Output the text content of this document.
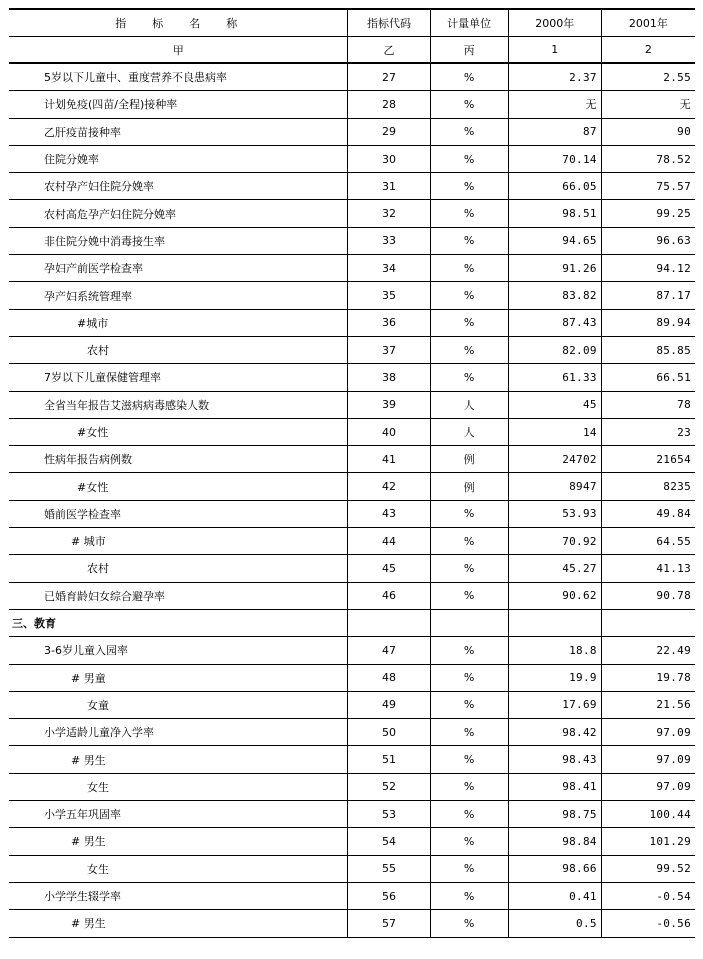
指标名称	指标代码	计量单位	2000年	2001年
甲	乙	丙	1	2
5岁以下儿童中、重度营养不良患病率	27	%	2.37	2.55
计划免疫(四苗/全程)接种率	28	%	无	无
乙肝疫苗接种率	29	%	87	90
住院分娩率	30	%	70.14	78.52
农村孕产妇住院分娩率	31	%	66.05	75.57
农村高危孕产妇住院分娩率	32	%	98.51	99.25
非住院分娩中消毒接生率	33	%	94.65	96.63
孕妇产前医学检查率	34	%	91.26	94.12
孕产妇系统管理率	35	%	83.82	87.17
#城市	36	%	87.43	89.94
农村	37	%	82.09	85.85
7岁以下儿童保健管理率	38	%	61.33	66.51
全省当年报告艾滋病病毒感染人数	39	人	45	78
#女性	40	人	14	23
性病年报告病例数	41	例	24702	21654
#女性	42	例	8947	8235
婚前医学检查率	43	%	53.93	49.84
# 城市	44	%	70.92	64.55
农村	45	%	45.27	41.13
已婚育龄妇女综合避孕率	46	%	90.62	90.78
三、教育				
3-6岁儿童入园率	47	%	18.8	22.49
# 男童	48	%	19.9	19.78
女童	49	%	17.69	21.56
小学适龄儿童净入学率	50	%	98.42	97.09
# 男生	51	%	98.43	97.09
女生	52	%	98.41	97.09
小学五年巩固率	53	%	98.75	100.44
# 男生	54	%	98.84	101.29
女生	55	%	98.66	99.52
小学学生辍学率	56	%	0.41	-0.54
# 男生	57	%	0.5	-0.56
